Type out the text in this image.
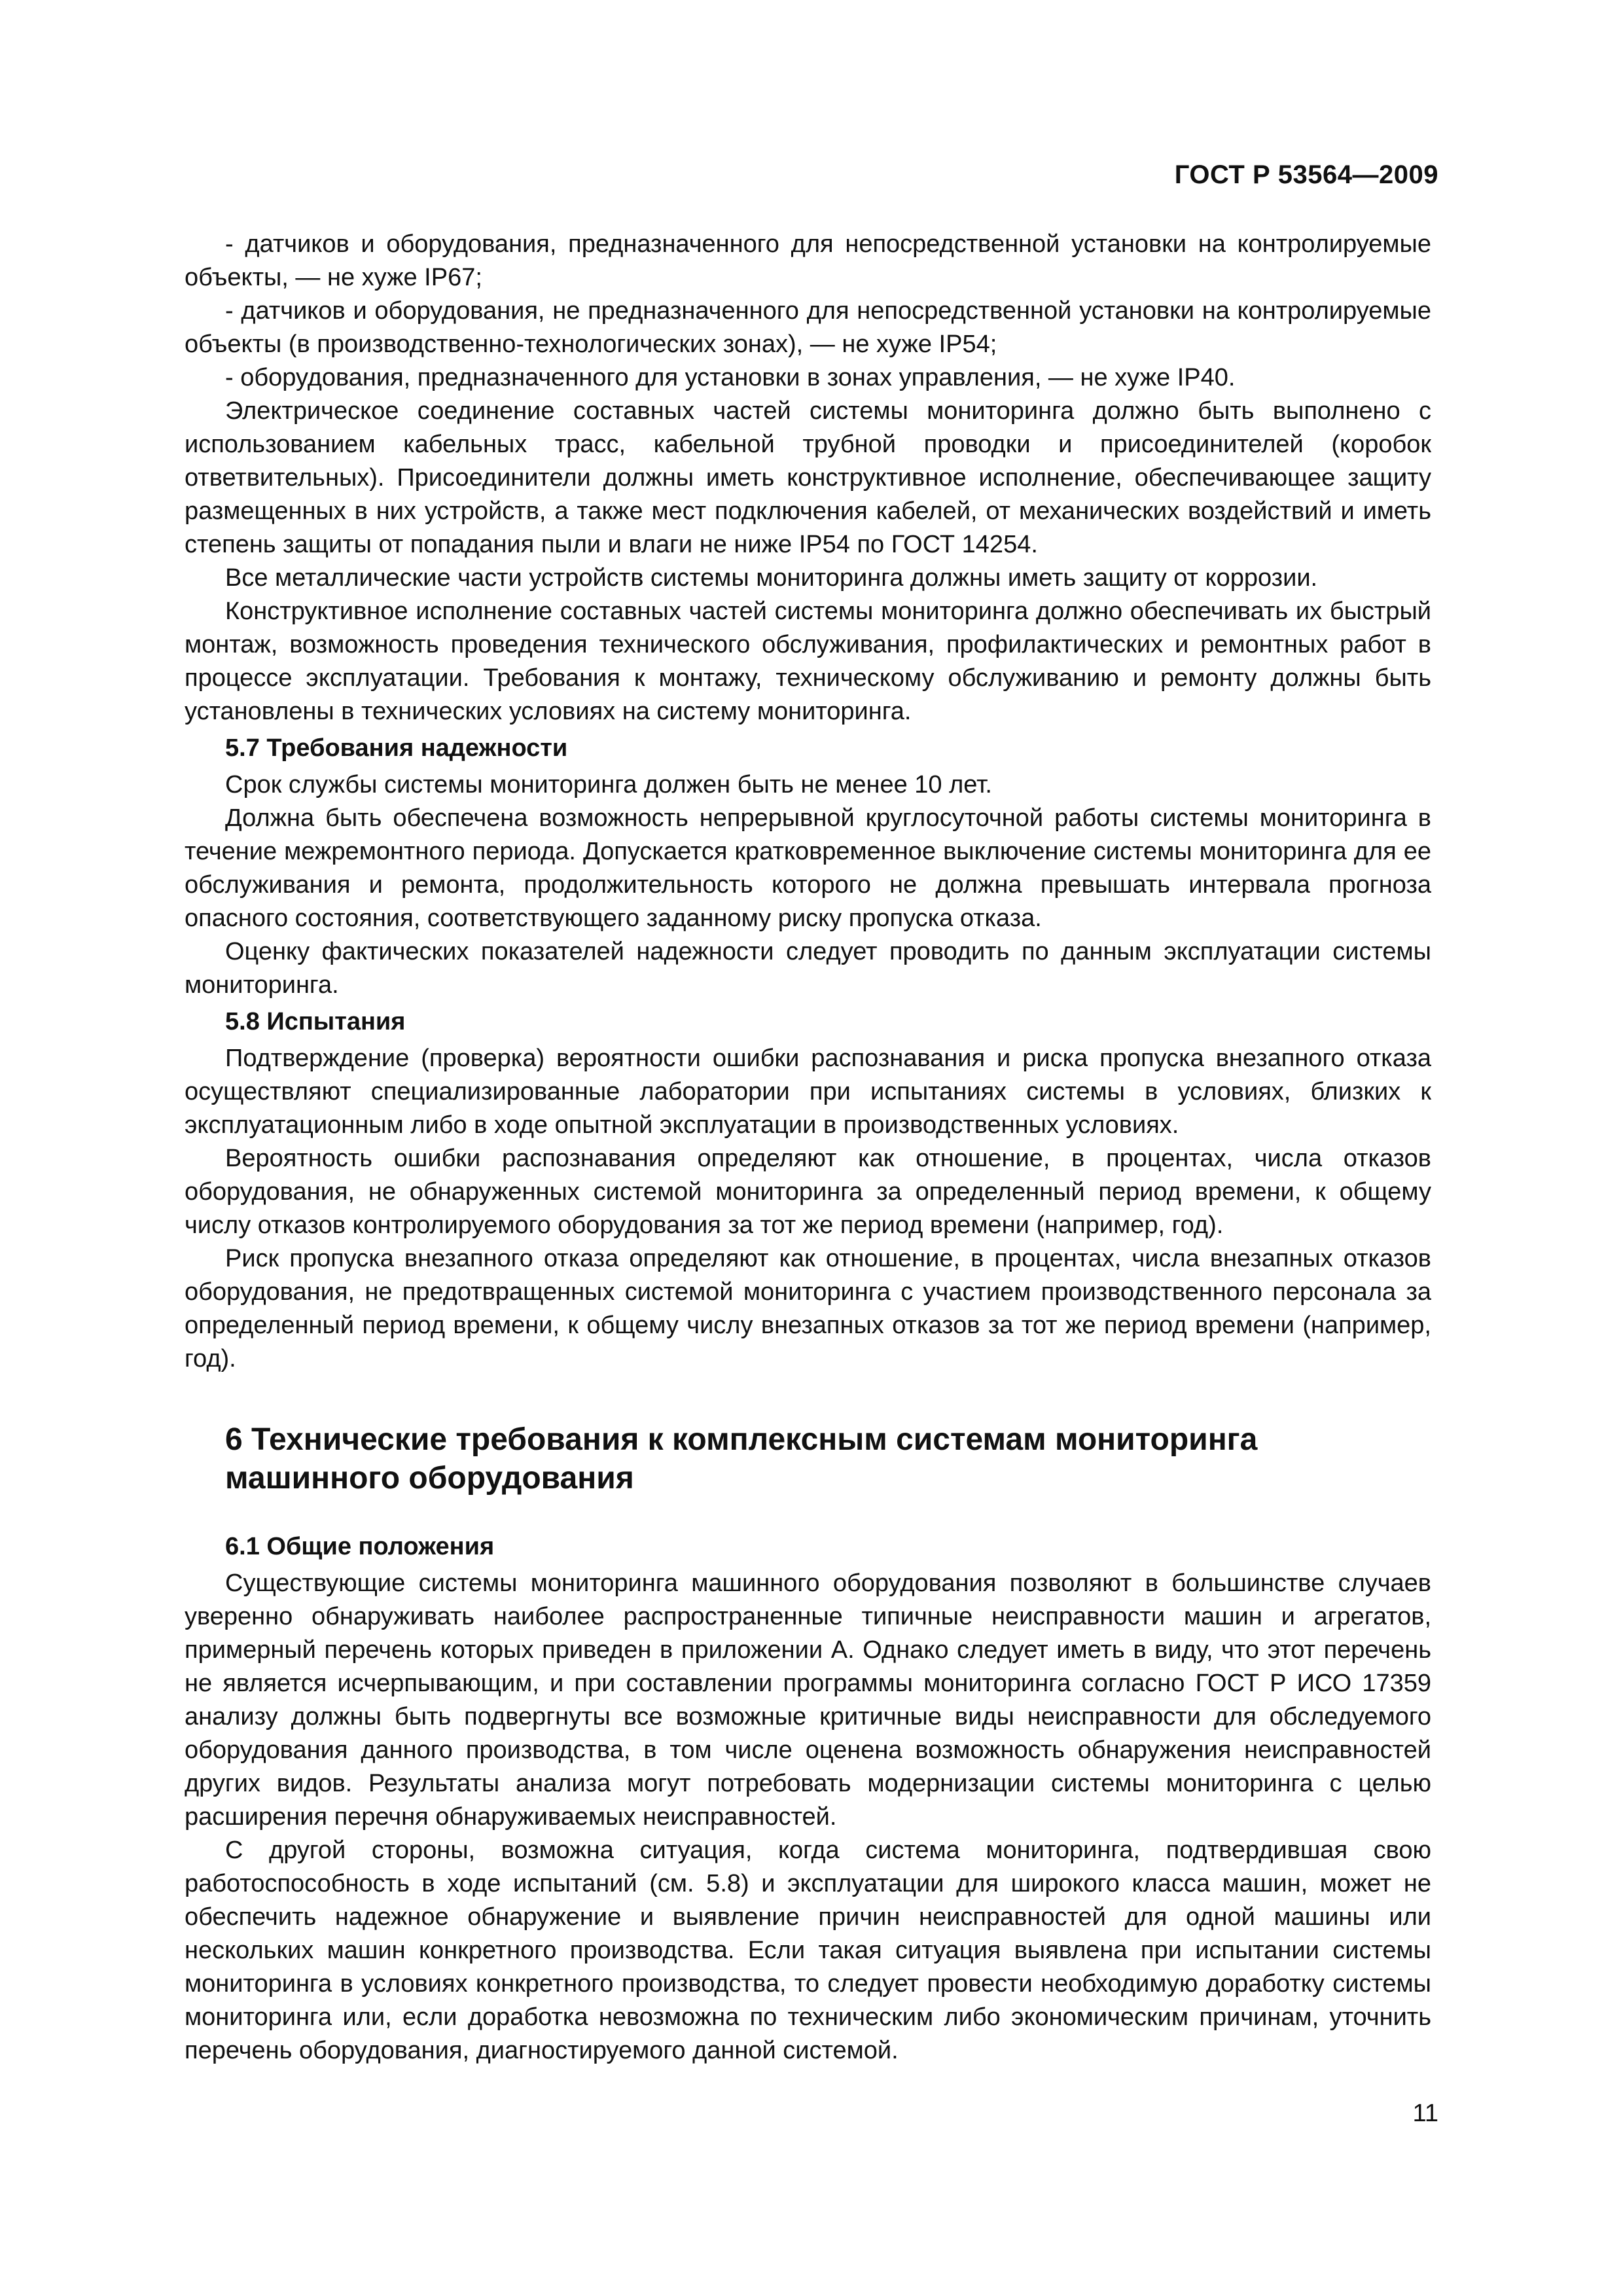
ГОСТ Р 53564—2009

- датчиков и оборудования, предназначенного для непосредственной установки на контролируемые объекты, — не хуже IP67;

- датчиков и оборудования, не предназначенного для непосредственной установки на контролируемые объекты (в производственно-технологических зонах), — не хуже IP54;

- оборудования, предназначенного для установки в зонах управления, — не хуже IP40.

Электрическое соединение составных частей системы мониторинга должно быть выполнено с использованием кабельных трасс, кабельной трубной проводки и присоединителей (коробок ответвительных). Присоединители должны иметь конструктивное исполнение, обеспечивающее защиту размещенных в них устройств, а также мест подключения кабелей, от механических воздействий и иметь степень защиты от попадания пыли и влаги не ниже IP54 по ГОСТ 14254.

Все металлические части устройств системы мониторинга должны иметь защиту от коррозии.

Конструктивное исполнение составных частей системы мониторинга должно обеспечивать их быстрый монтаж, возможность проведения технического обслуживания, профилактических и ремонтных работ в процессе эксплуатации. Требования к монтажу, техническому обслуживанию и ремонту должны быть установлены в технических условиях на систему мониторинга.

5.7 Требования надежности

Срок службы системы мониторинга должен быть не менее 10 лет.

Должна быть обеспечена возможность непрерывной круглосуточной работы системы мониторинга в течение межремонтного периода. Допускается кратковременное выключение системы мониторинга для ее обслуживания и ремонта, продолжительность которого не должна превышать интервала прогноза опасного состояния, соответствующего заданному риску пропуска отказа.

Оценку фактических показателей надежности следует проводить по данным эксплуатации системы мониторинга.

5.8 Испытания

Подтверждение (проверка) вероятности ошибки распознавания и риска пропуска внезапного отказа осуществляют специализированные лаборатории при испытаниях системы в условиях, близких к эксплуатационным либо в ходе опытной эксплуатации в производственных условиях.

Вероятность ошибки распознавания определяют как отношение, в процентах, числа отказов оборудования, не обнаруженных системой мониторинга за определенный период времени, к общему числу отказов контролируемого оборудования за тот же период времени (например, год).

Риск пропуска внезапного отказа определяют как отношение, в процентах, числа внезапных отказов оборудования, не предотвращенных системой мониторинга с участием производственного персонала за определенный период времени, к общему числу внезапных отказов за тот же период времени (например, год).

6 Технические требования к комплексным системам мониторинга
машинного оборудования

6.1 Общие положения

Существующие системы мониторинга машинного оборудования позволяют в большинстве случаев уверенно обнаруживать наиболее распространенные типичные неисправности машин и агрегатов, примерный перечень которых приведен в приложении А. Однако следует иметь в виду, что этот перечень не является исчерпывающим, и при составлении программы мониторинга согласно ГОСТ Р ИСО 17359 анализу должны быть подвергнуты все возможные критичные виды неисправности для обследуемого оборудования данного производства, в том числе оценена возможность обнаружения неисправностей других видов. Результаты анализа могут потребовать модернизации системы мониторинга с целью расширения перечня обнаруживаемых неисправностей.

С другой стороны, возможна ситуация, когда система мониторинга, подтвердившая свою работоспособность в ходе испытаний (см. 5.8) и эксплуатации для широкого класса машин, может не обеспечить надежное обнаружение и выявление причин неисправностей для одной машины или нескольких машин конкретного производства. Если такая ситуация выявлена при испытании системы мониторинга в условиях конкретного производства, то следует провести необходимую доработку системы мониторинга или, если доработка невозможна по техническим либо экономическим причинам, уточнить перечень оборудования, диагностируемого данной системой.

11
